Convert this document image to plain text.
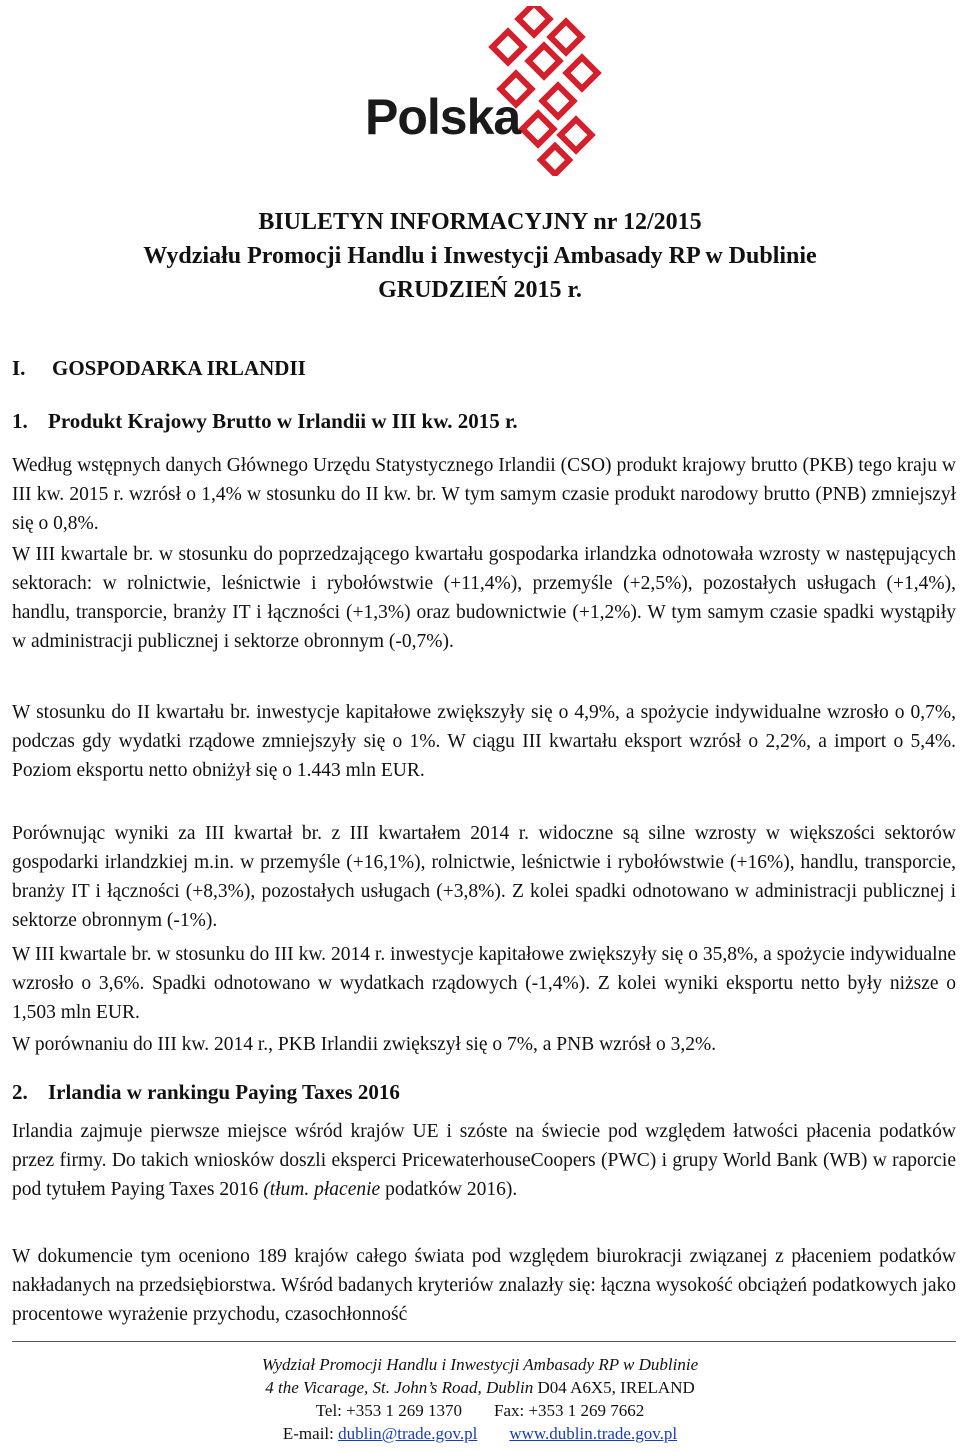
Polska
BIULETYN INFORMACYJNY nr 12/2015
Wydziału Promocji Handlu i Inwestycji Ambasady RP w Dublinie
GRUDZIEŃ 2015 r.
I. GOSPODARKA IRLANDII
1. Produkt Krajowy Brutto w Irlandii w III kw. 2015 r.

Według wstępnych danych Głównego Urzędu Statystycznego Irlandii (CSO) produkt krajowy brutto (PKB) tego kraju w III kw. 2015 r. wzrósł o 1,4% w stosunku do II kw. br. W tym samym czasie produkt narodowy brutto (PNB) zmniejszył się o 0,8%.

W III kwartale br. w stosunku do poprzedzającego kwartału gospodarka irlandzka odnotowała wzrosty w następujących sektorach: w rolnictwie, leśnictwie i rybołówstwie (+11,4%), przemyśle (+2,5%), pozostałych usługach (+1,4%), handlu, transporcie, branży IT i łączności (+1,3%) oraz budownictwie (+1,2%). W tym samym czasie spadki wystąpiły w administracji publicznej i sektorze obronnym (-0,7%).

W stosunku do II kwartału br. inwestycje kapitałowe zwiększyły się o 4,9%, a spożycie indywidualne wzrosło o 0,7%, podczas gdy wydatki rządowe zmniejszyły się o 1%. W ciągu III kwartału eksport wzrósł o 2,2%, a import o 5,4%. Poziom eksportu netto obniżył się o 1.443 mln EUR.

Porównując wyniki za III kwartał br. z III kwartałem 2014 r. widoczne są silne wzrosty w większości sektorów gospodarki irlandzkiej m.in. w przemyśle (+16,1%), rolnictwie, leśnictwie i rybołówstwie (+16%), handlu, transporcie, branży IT i łączności (+8,3%), pozostałych usługach (+3,8%). Z kolei spadki odnotowano w administracji publicznej i sektorze obronnym (-1%).

W III kwartale br. w stosunku do III kw. 2014 r. inwestycje kapitałowe zwiększyły się o 35,8%, a spożycie indywidualne wzrosło o 3,6%. Spadki odnotowano w wydatkach rządowych (-1,4%). Z kolei wyniki eksportu netto były niższe o 1,503 mln EUR.

W porównaniu do III kw. 2014 r., PKB Irlandii zwiększył się o 7%, a PNB wzrósł o 3,2%.

2. Irlandia w rankingu Paying Taxes 2016

Irlandia zajmuje pierwsze miejsce wśród krajów UE i szóste na świecie pod względem łatwości płacenia podatków przez firmy. Do takich wniosków doszli eksperci PricewaterhouseCoopers (PWC) i grupy World Bank (WB) w raporcie pod tytułem Paying Taxes 2016 (tłum. płacenie podatków 2016).

W dokumencie tym oceniono 189 krajów całego świata pod względem biurokracji związanej z płaceniem podatków nakładanych na przedsiębiorstwa. Wśród badanych kryteriów znalazły się: łączna wysokość obciążeń podatkowych jako procentowe wyrażenie przychodu, czasochłonność

Wydział Promocji Handlu i Inwestycji Ambasady RP w Dublinie
4 the Vicarage, St. John’s Road, Dublin D04 A6X5, IRELAND
Tel: +353 1 269 1370 Fax: +353 1 269 7662
E-mail: dublin@trade.gov.pl www.dublin.trade.gov.pl
